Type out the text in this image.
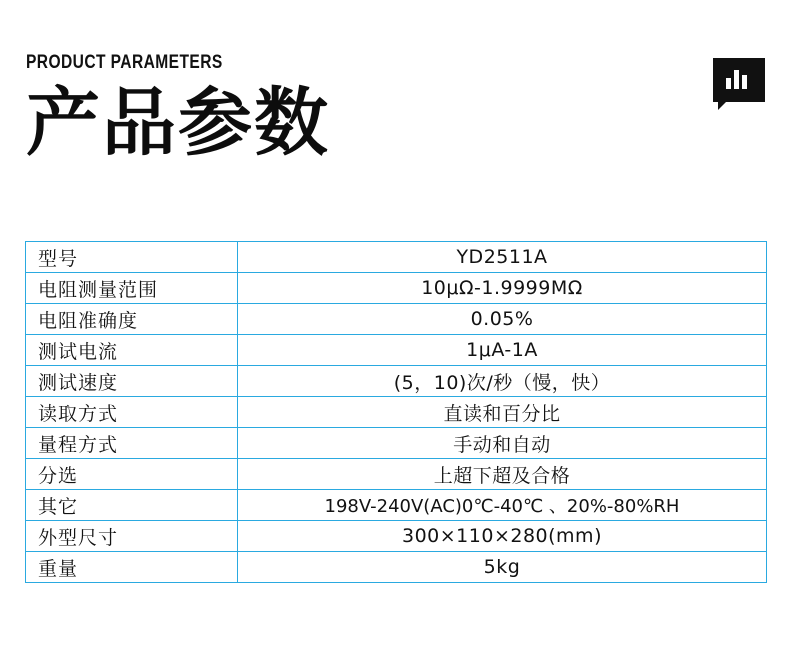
PRODUCT PARAMETERS
产品参数
型号	YD2511A
电阻测量范围	10μΩ-1.9999MΩ
电阻准确度	0.05%
测试电流	1μA-1A
测试速度	(5，10)次/秒（慢，快）
读取方式	直读和百分比
量程方式	手动和自动
分选	上超下超及合格
其它	198V-240V(AC)0℃-40℃ 、20%-80%RH
外型尺寸	300×110×280(mm)
重量	5kg
